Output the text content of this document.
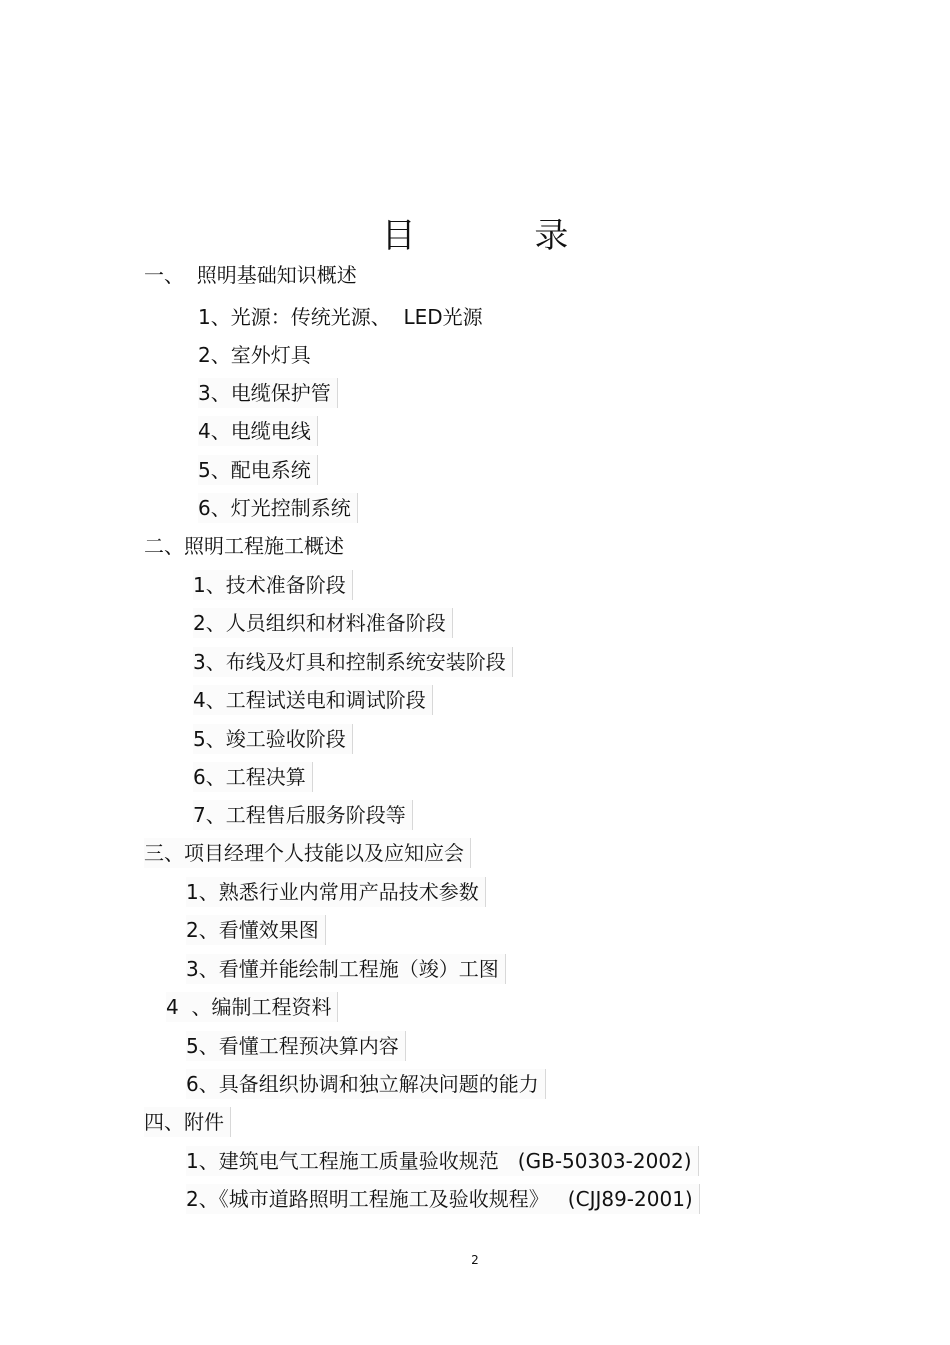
目 录
一、  照明基础知识概述
1、光源：传统光源、  LED光源
2、室外灯具
3、电缆保护管
4、电缆电线
5、配电系统
6、灯光控制系统
二、照明工程施工概述
1、技术准备阶段
2、人员组织和材料准备阶段
3、布线及灯具和控制系统安装阶段
4、工程试送电和调试阶段
5、竣工验收阶段
6、工程决算
7、工程售后服务阶段等
三、项目经理个人技能以及应知应会
1、熟悉行业内常用产品技术参数
2、看懂效果图
3、看懂并能绘制工程施（竣）工图
4  、编制工程资料
5、看懂工程预决算内容
6、具备组织协调和独立解决问题的能力
四、附件
1、建筑电气工程施工质量验收规范   (GB-50303-2002)
2、《城市道路照明工程施工及验收规程》   (CJJ89-2001)
2
